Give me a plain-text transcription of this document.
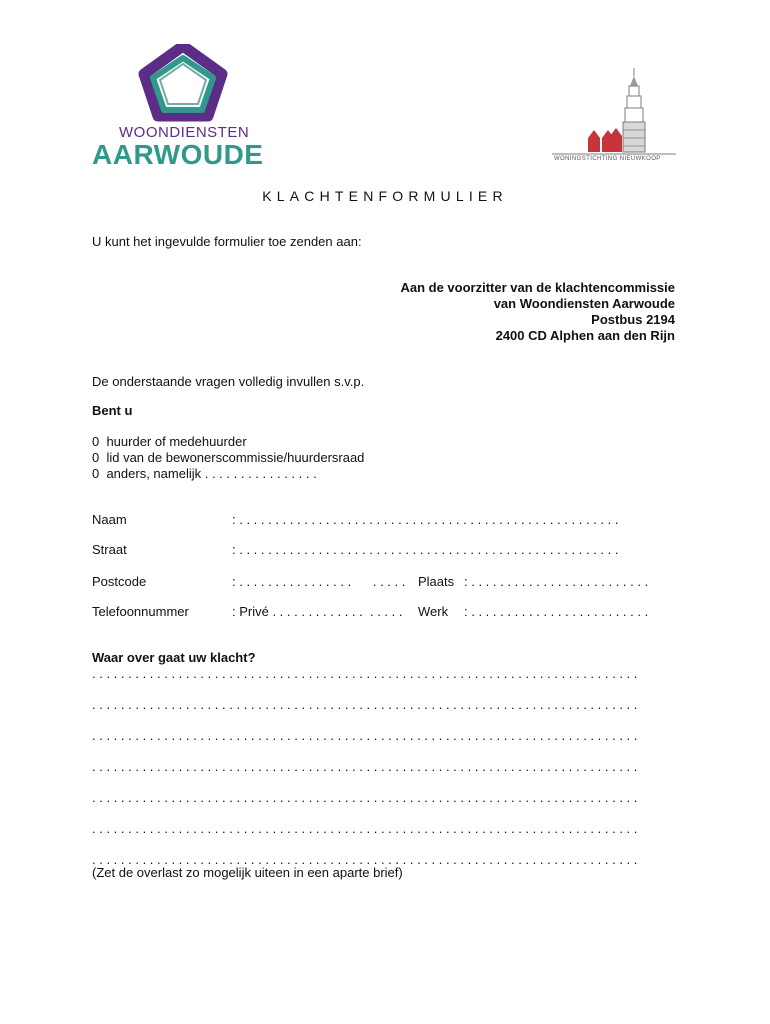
WOONDIENSTEN
AARWOUDE	WONINGSTICHTING NIEUWKOOP
KLACHTENFORMULIER
U kunt het ingevulde formulier toe zenden aan:
Aan de voorzitter van de klachtencommissie
van Woondiensten Aarwoude
Postbus 2194
2400 CD Alphen aan den Rijn
De onderstaande vragen volledig invullen s.v.p.
Bent u
0  huurder of medehuurder
0  lid van de bewonerscommissie/huurdersraad
0  anders, namelijk . . . . . . . . . . . . . . . .
Naam	: . . . . . . . . . . . . . . . . . . . . . . . . . . . . . . . . . . . . . . . . . . . . . . . . . . . . .
Straat	: . . . . . . . . . . . . . . . . . . . . . . . . . . . . . . . . . . . . . . . . . . . . . . . . . . . . .
Postcode	: . . . . . . . . . . . . . . . .      . . . . . Plaats : . . . . . . . . . . . . . . . . . . . . . . . . .
Telefoonnummer	: Privé . . . . . . . . . . . . .  . . . . . Werk : . . . . . . . . . . . . . . . . . . . . . . . . .
Waar over gaat uw klacht?
. . . . . . . . . . . . . . . . . . . . . . . . . . . . . . . . . . . . . . . . . . . . . . . . . . . . . . . . . . . . . . . . . . . . . . . . . . . .
. . . . . . . . . . . . . . . . . . . . . . . . . . . . . . . . . . . . . . . . . . . . . . . . . . . . . . . . . . . . . . . . . . . . . . . . . . . .
. . . . . . . . . . . . . . . . . . . . . . . . . . . . . . . . . . . . . . . . . . . . . . . . . . . . . . . . . . . . . . . . . . . . . . . . . . . .
. . . . . . . . . . . . . . . . . . . . . . . . . . . . . . . . . . . . . . . . . . . . . . . . . . . . . . . . . . . . . . . . . . . . . . . . . . . .
. . . . . . . . . . . . . . . . . . . . . . . . . . . . . . . . . . . . . . . . . . . . . . . . . . . . . . . . . . . . . . . . . . . . . . . . . . . .
. . . . . . . . . . . . . . . . . . . . . . . . . . . . . . . . . . . . . . . . . . . . . . . . . . . . . . . . . . . . . . . . . . . . . . . . . . . .
. . . . . . . . . . . . . . . . . . . . . . . . . . . . . . . . . . . . . . . . . . . . . . . . . . . . . . . . . . . . . . . . . . . . . . . . . . . .
(Zet de overlast zo mogelijk uiteen in een aparte brief)
